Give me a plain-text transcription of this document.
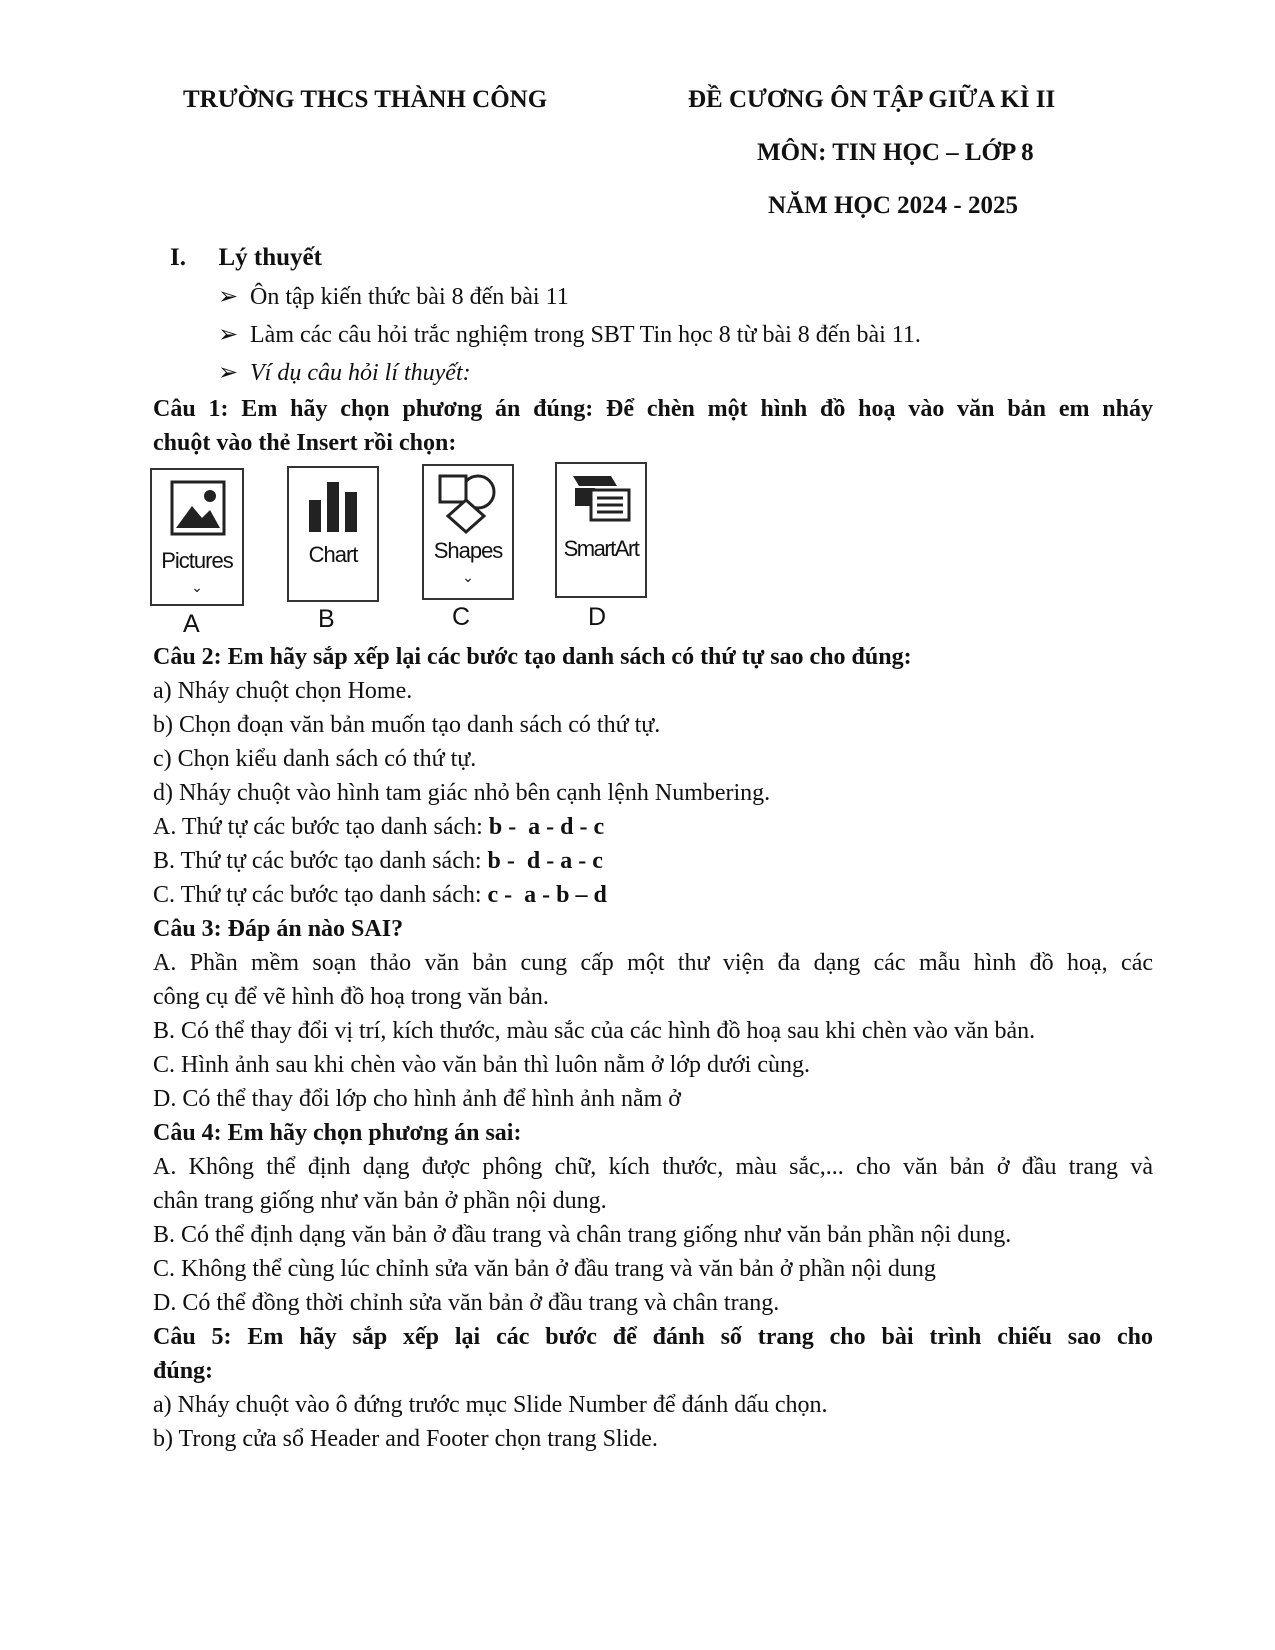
TRƯỜNG THCS THÀNH CÔNG	ĐỀ CƯƠNG ÔN TẬP GIỮA KÌ II
MÔN: TIN HỌC – LỚP 8
NĂM HỌC 2024 - 2025
I. Lý thuyết
➢ Ôn tập kiến thức bài 8 đến bài 11
➢ Làm các câu hỏi trắc nghiệm trong SBT Tin học 8 từ bài 8 đến bài 11.
➢ Ví dụ câu hỏi lí thuyết:
Câu 1: Em hãy chọn phương án đúng: Để chèn một hình đồ hoạ vào văn bản em nháy
chuột vào thẻ Insert rồi chọn:
Pictures
⌄
A
Chart
B
Shapes
⌄
C
SmartArt
D
Câu 2: Em hãy sắp xếp lại các bước tạo danh sách có thứ tự sao cho đúng:
a) Nháy chuột chọn Home.
b) Chọn đoạn văn bản muốn tạo danh sách có thứ tự.
c) Chọn kiểu danh sách có thứ tự.
d) Nháy chuột vào hình tam giác nhỏ bên cạnh lệnh Numbering.
A. Thứ tự các bước tạo danh sách: b -  a - d - c
B. Thứ tự các bước tạo danh sách: b -  d - a - c
C. Thứ tự các bước tạo danh sách: c -  a - b – d
Câu 3: Đáp án nào SAI?
A. Phần mềm soạn thảo văn bản cung cấp một thư viện đa dạng các mẫu hình đồ hoạ, các
công cụ để vẽ hình đồ hoạ trong văn bản.
B. Có thể thay đổi vị trí, kích thước, màu sắc của các hình đồ hoạ sau khi chèn vào văn bản.
C. Hình ảnh sau khi chèn vào văn bản thì luôn nằm ở lớp dưới cùng.
D. Có thể thay đổi lớp cho hình ảnh để hình ảnh nằm ở
Câu 4: Em hãy chọn phương án sai:
A. Không thể định dạng được phông chữ, kích thước, màu sắc,... cho văn bản ở đầu trang và
chân trang giống như văn bản ở phần nội dung.
B. Có thể định dạng văn bản ở đầu trang và chân trang giống như văn bản phần nội dung.
C. Không thể cùng lúc chỉnh sửa văn bản ở đầu trang và văn bản ở phần nội dung
D. Có thể đồng thời chỉnh sửa văn bản ở đầu trang và chân trang.
Câu 5: Em hãy sắp xếp lại các bước để đánh số trang cho bài trình chiếu sao cho
đúng:
a) Nháy chuột vào ô đứng trước mục Slide Number để đánh dấu chọn.
b) Trong cửa sổ Header and Footer chọn trang Slide.
